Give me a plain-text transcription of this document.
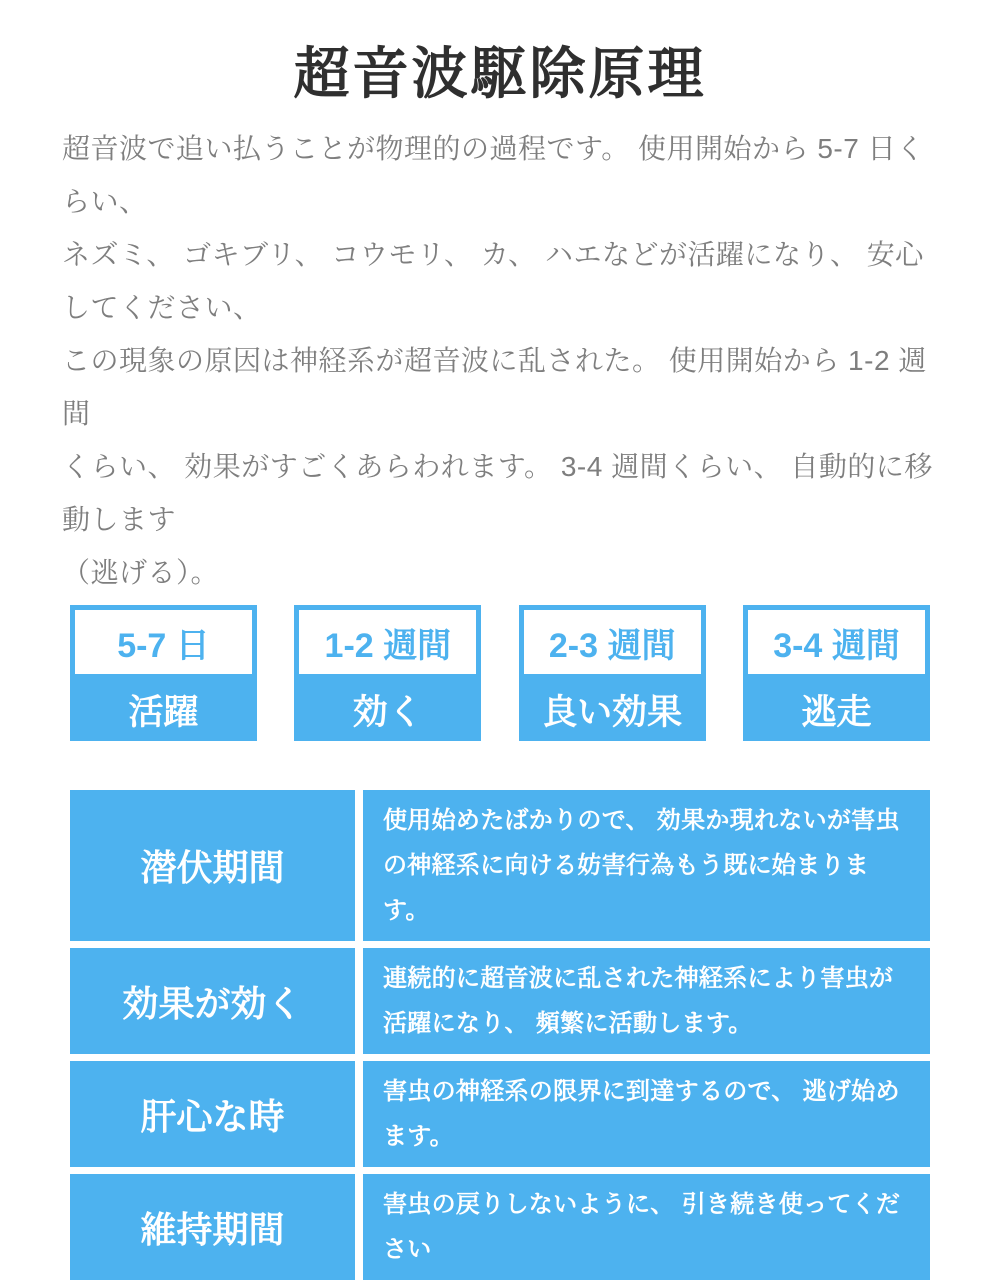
超音波駆除原理
超音波で追い払うことが物理的の過程です。 使用開始から 5-7 日くらい、
ネズミ、 ゴキブリ、 コウモリ、 カ、 ハエなどが活躍になり、 安心してください、
この現象の原因は神経系が超音波に乱された。 使用開始から 1-2 週間
くらい、 効果がすごくあらわれます。 3-4 週間くらい、 自動的に移動します
（逃げる）。
5-7 日
活躍
1-2 週間
効く
2-3 週間
良い効果
3-4 週間
逃走
潜伏期間
使用始めたばかりので、 効果か現れないが害虫の神経系に向ける妨害行為もう既に始まります。
効果が効く
連続的に超音波に乱された神経系により害虫が活躍になり、 頻繁に活動します。
肝心な時
害虫の神経系の限界に到達するので、 逃げ始めます。
維持期間
害虫の戻りしないように、 引き続き使ってください
